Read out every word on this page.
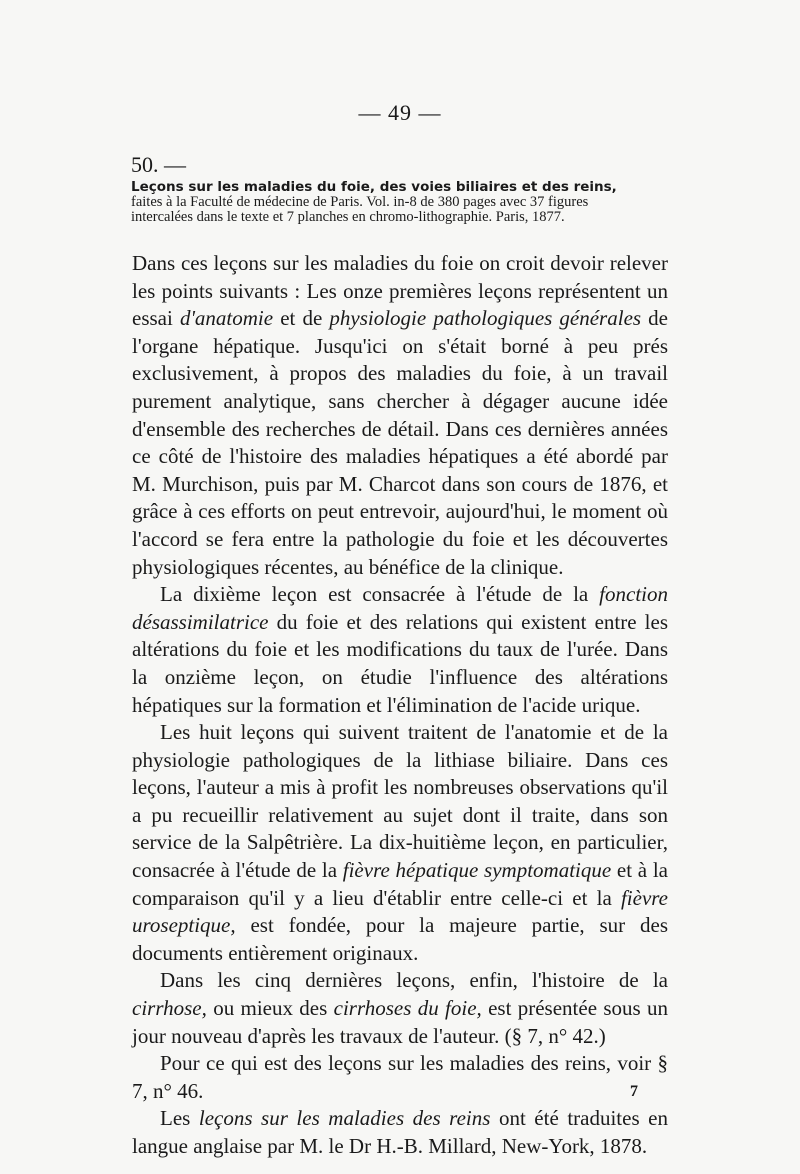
— 49 —
50. —
Leçons sur les maladies du foie, des voies biliaires et des reins, faites à la Faculté de médecine de Paris. Vol. in-8 de 380 pages avec 37 figures intercalées dans le texte et 7 planches en chromo-lithographie. Paris, 1877.

Dans ces leçons sur les maladies du foie on croit devoir relever les points suivants : Les onze premières leçons représentent un essai d'anatomie et de physiologie pathologiques générales de l'organe hépatique. Jusqu'ici on s'était borné à peu prés exclusivement, à propos des maladies du foie, à un travail purement analytique, sans chercher à dégager aucune idée d'ensemble des recherches de détail. Dans ces dernières années ce côté de l'histoire des maladies hépatiques a été abordé par M. Murchison, puis par M. Charcot dans son cours de 1876, et grâce à ces efforts on peut entrevoir, aujourd'hui, le moment où l'accord se fera entre la pathologie du foie et les découvertes physiologiques récentes, au bénéfice de la clinique.

La dixième leçon est consacrée à l'étude de la fonction désassimilatrice du foie et des relations qui existent entre les altérations du foie et les modifications du taux de l'urée. Dans la onzième leçon, on étudie l'influence des altérations hépatiques sur la formation et l'élimination de l'acide urique.

Les huit leçons qui suivent traitent de l'anatomie et de la physiologie pathologiques de la lithiase biliaire. Dans ces leçons, l'auteur a mis à profit les nombreuses observations qu'il a pu recueillir relativement au sujet dont il traite, dans son service de la Salpêtrière. La dix-huitième leçon, en particulier, consacrée à l'étude de la fièvre hépatique symptomatique et à la comparaison qu'il y a lieu d'établir entre celle-ci et la fièvre uroseptique, est fondée, pour la majeure partie, sur des documents entièrement originaux.

Dans les cinq dernières leçons, enfin, l'histoire de la cirrhose, ou mieux des cirrhoses du foie, est présentée sous un jour nouveau d'après les travaux de l'auteur. (§ 7, n° 42.)

Pour ce qui est des leçons sur les maladies des reins, voir § 7, n° 46.

Les leçons sur les maladies des reins ont été traduites en langue anglaise par M. le Dr H.-B. Millard, New-York, 1878.

7
